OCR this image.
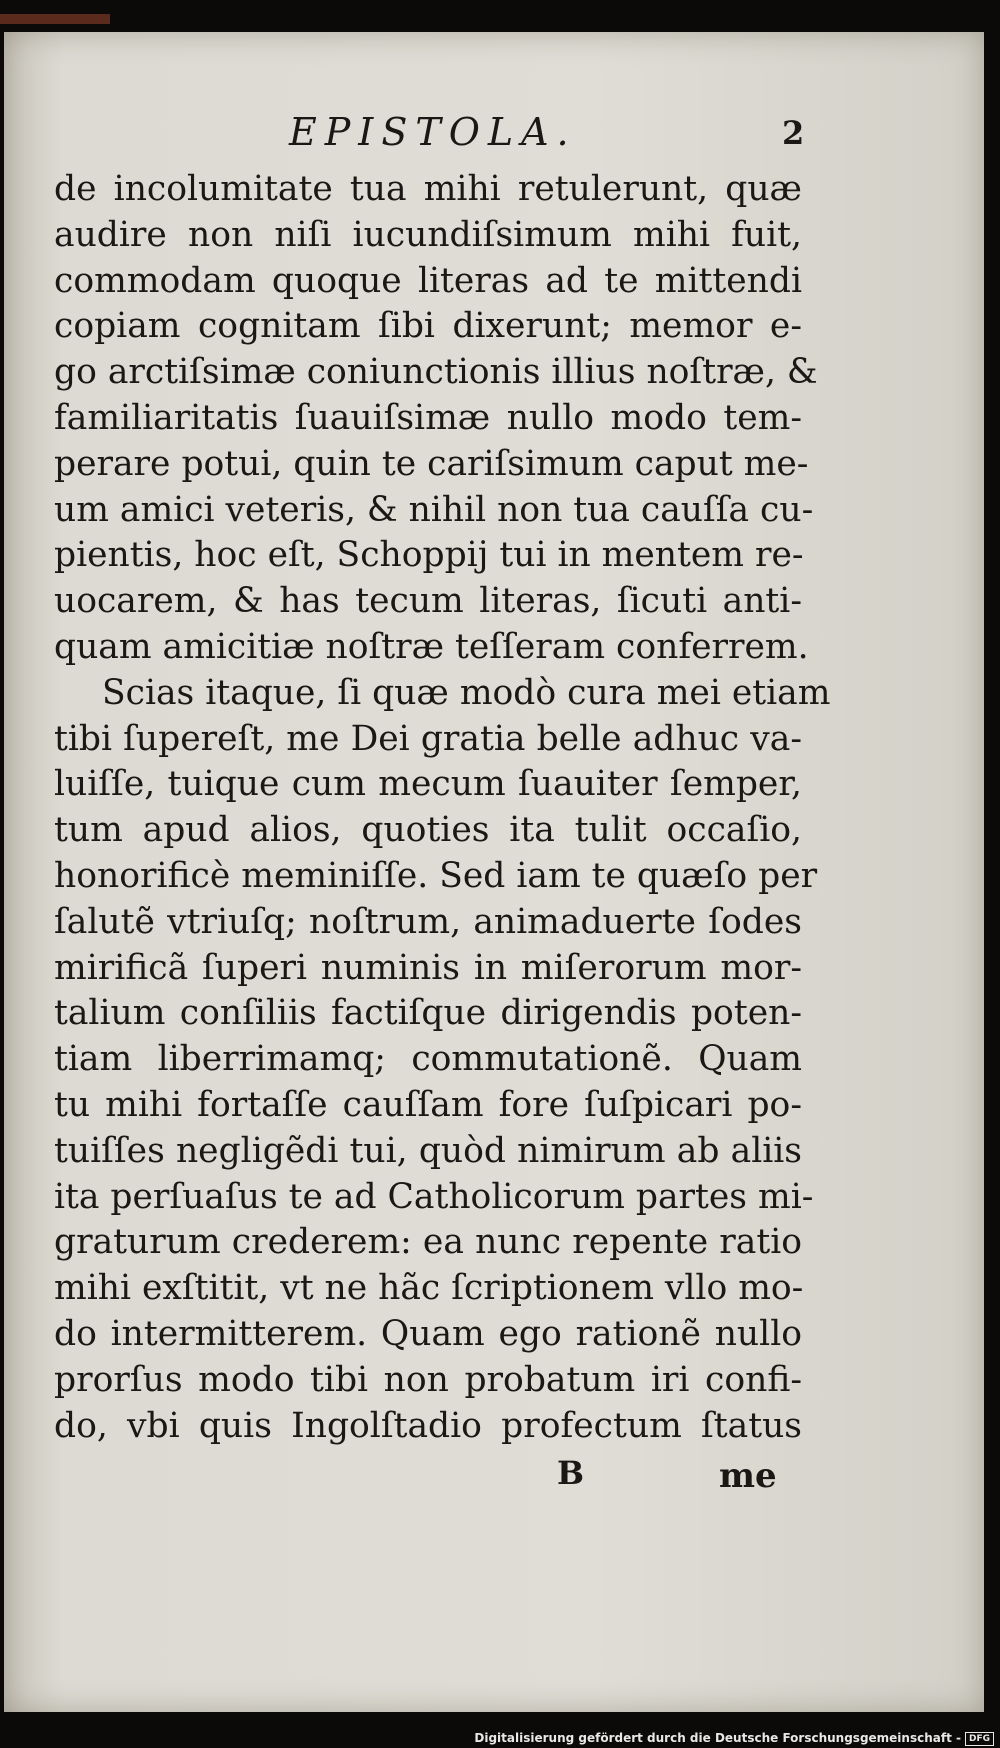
EPISTOLA.	2
de incolumitate tua mihi retulerunt, quæ
audire non niſi iucundiſsimum mihi fuit,
commodam quoque literas ad te mittendi
copiam cognitam ſibi dixerunt; memor e-
go arctiſsimæ coniunctionis illius noſtræ, &
familiaritatis ſuauiſsimæ nullo modo tem-
perare potui, quin te cariſsimum caput me-
um amici veteris, & nihil non tua cauſſa cu-
pientis, hoc eſt, Schoppij tui in mentem re-
uocarem, & has tecum literas, ſicuti anti-
quam amicitiæ noſtræ teſſeram conferrem.
Scias itaque, ſi quæ modò cura mei etiam
tibi ſupereſt, me Dei gratia belle adhuc va-
luiſſe, tuique cum mecum ſuauiter ſemper,
tum apud alios, quoties ita tulit occaſio,
honorificè meminiſſe. Sed iam te quæſo per
ſalutẽ vtriuſq; noſtrum, animaduerte ſodes
mirificã ſuperi numinis in miſerorum mor-
talium conſiliis factiſque dirigendis poten-
tiam liberrimamq; commutationẽ. Quam
tu mihi fortaſſe cauſſam fore ſuſpicari po-
tuiſſes negligẽdi tui, quòd nimirum ab aliis
ita perſuaſus te ad Catholicorum partes mi-
graturum crederem: ea nunc repente ratio
mihi exſtitit, vt ne hãc ſcriptionem vllo mo-
do intermitterem. Quam ego rationẽ nullo
prorſus modo tibi non probatum iri confi-
do, vbi quis Ingolſtadio profectum ſtatus
B	me
Digitalisierung gefördert durch die Deutsche Forschungsgemeinschaft - DFG
